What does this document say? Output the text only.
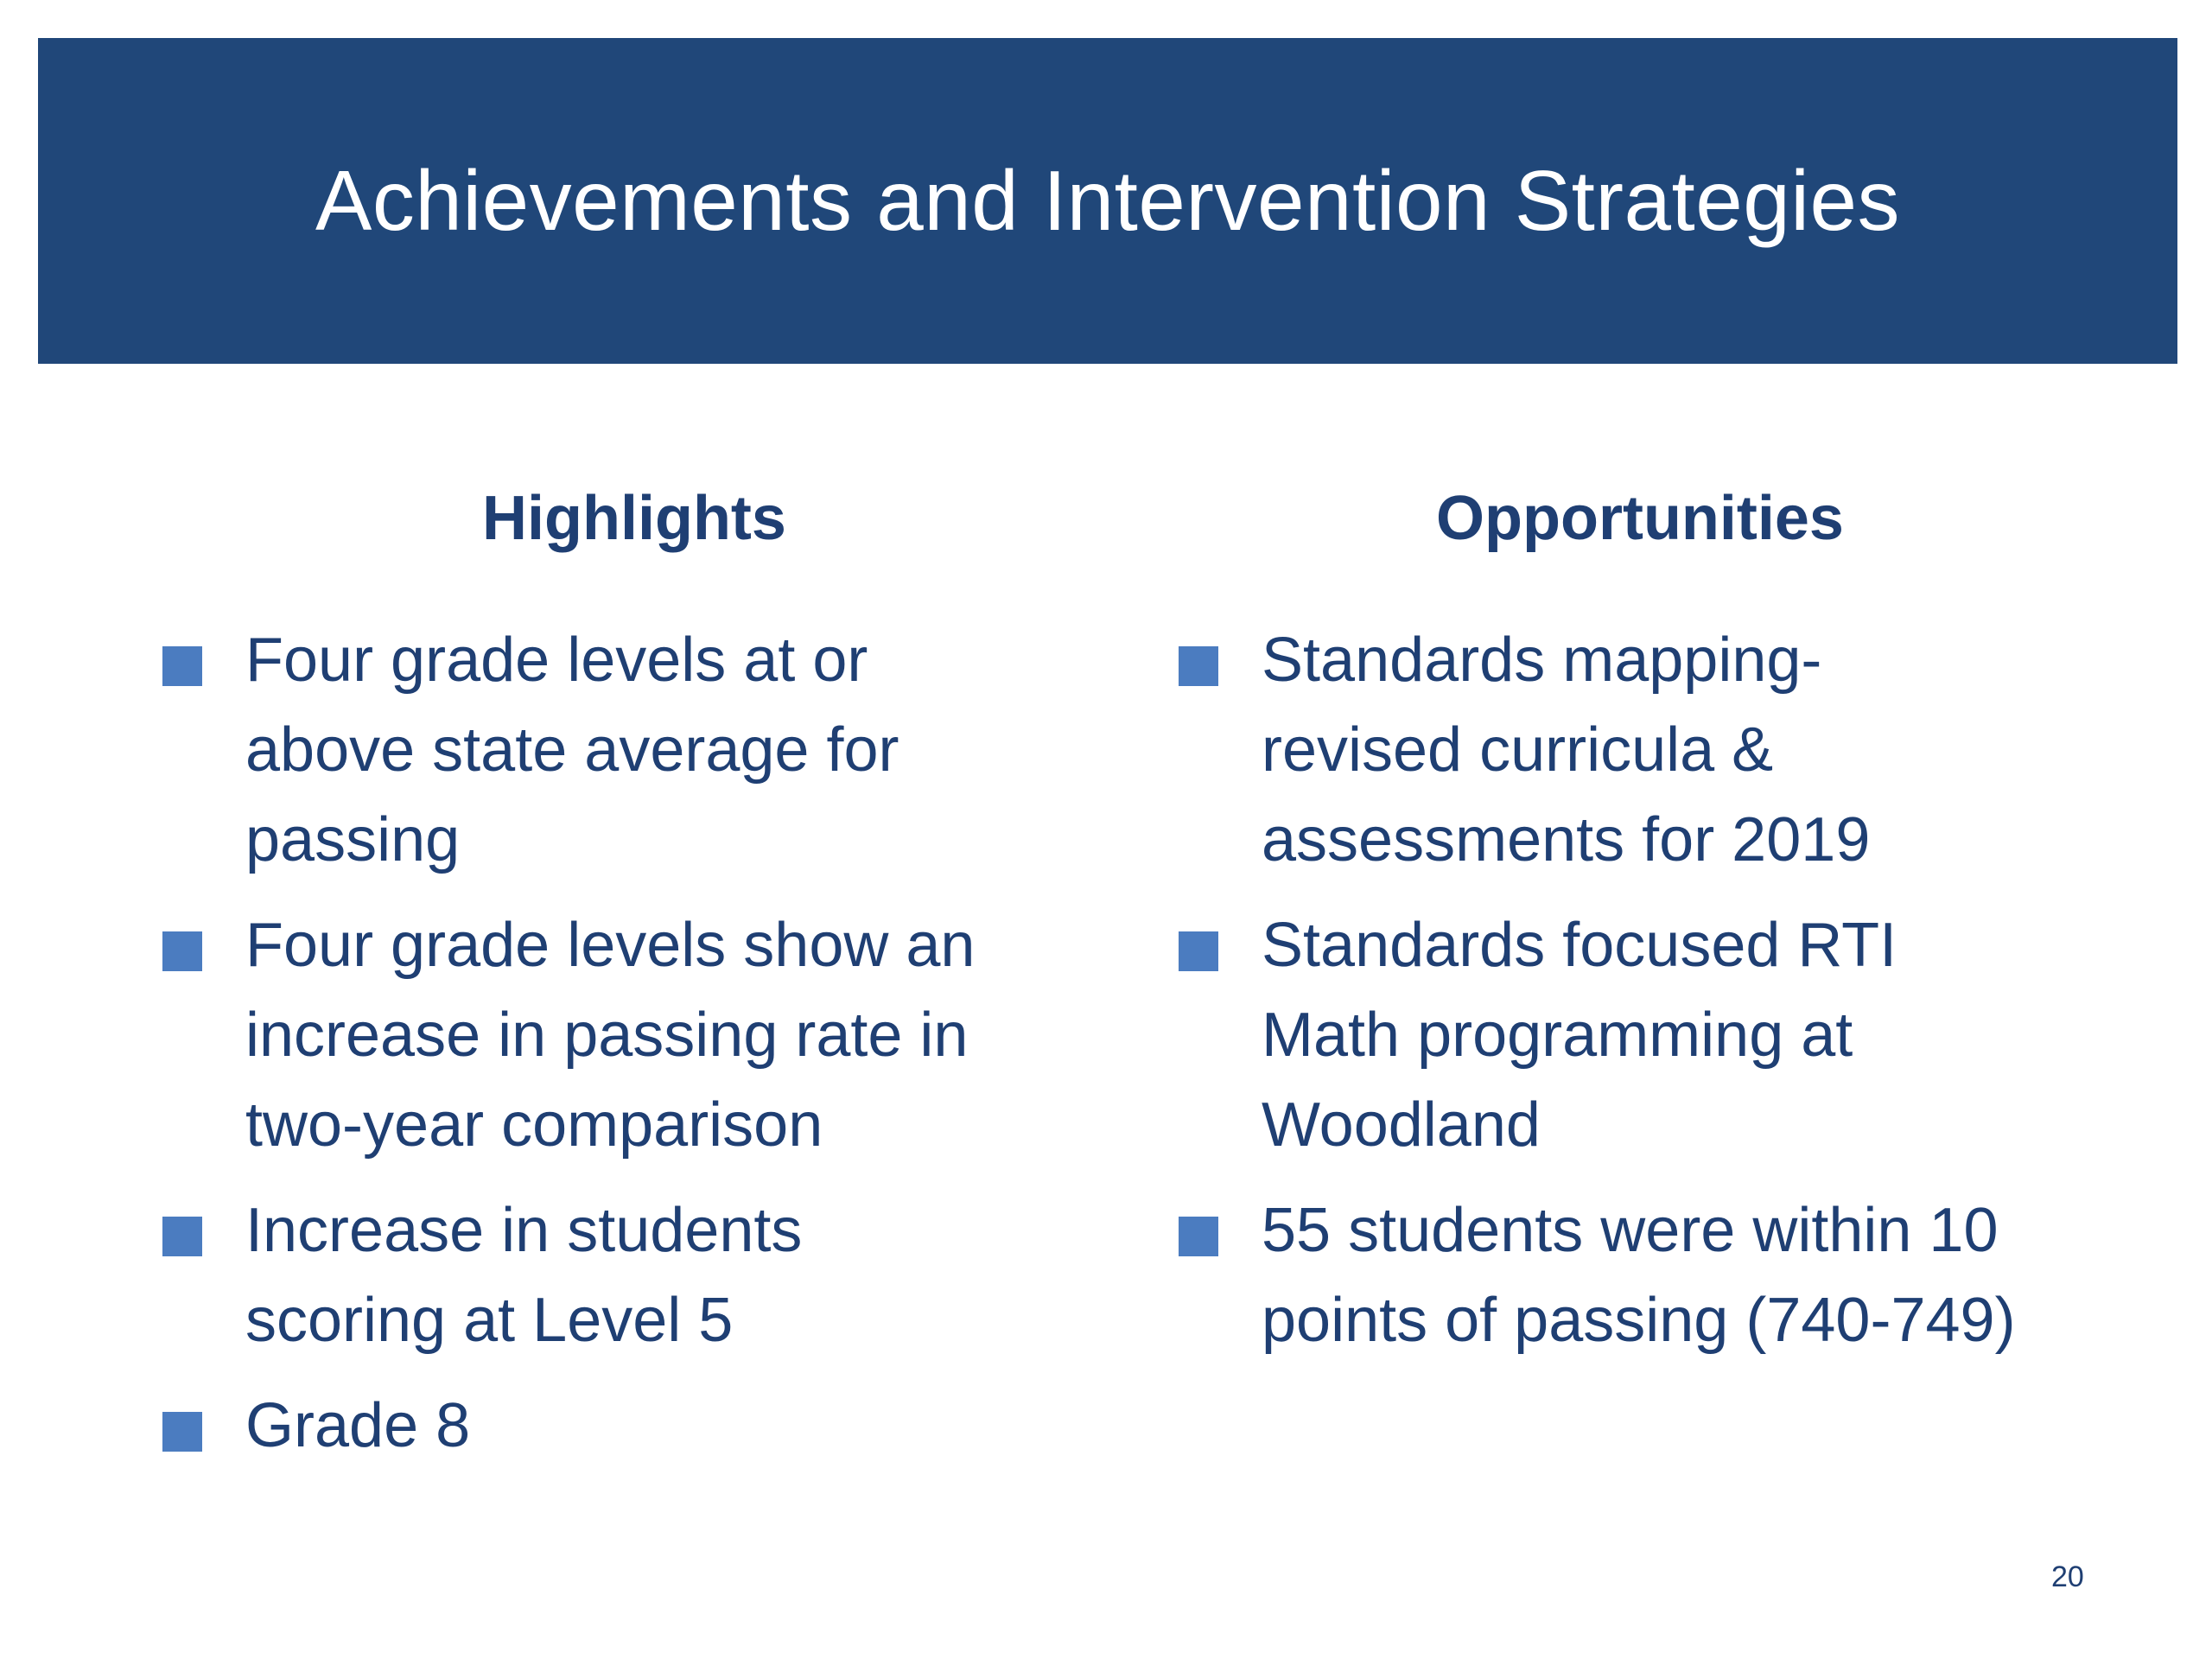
Achievements and Intervention Strategies
Highlights
Four grade levels at or above state average for passing
Four grade levels show an increase in passing rate in two-year comparison
Increase in students scoring at Level 5
Grade 8
Opportunities
Standards mapping- revised curricula & assessments for 2019
Standards focused RTI Math programming at Woodland
55 students were within 10 points of passing (740-749)
20
